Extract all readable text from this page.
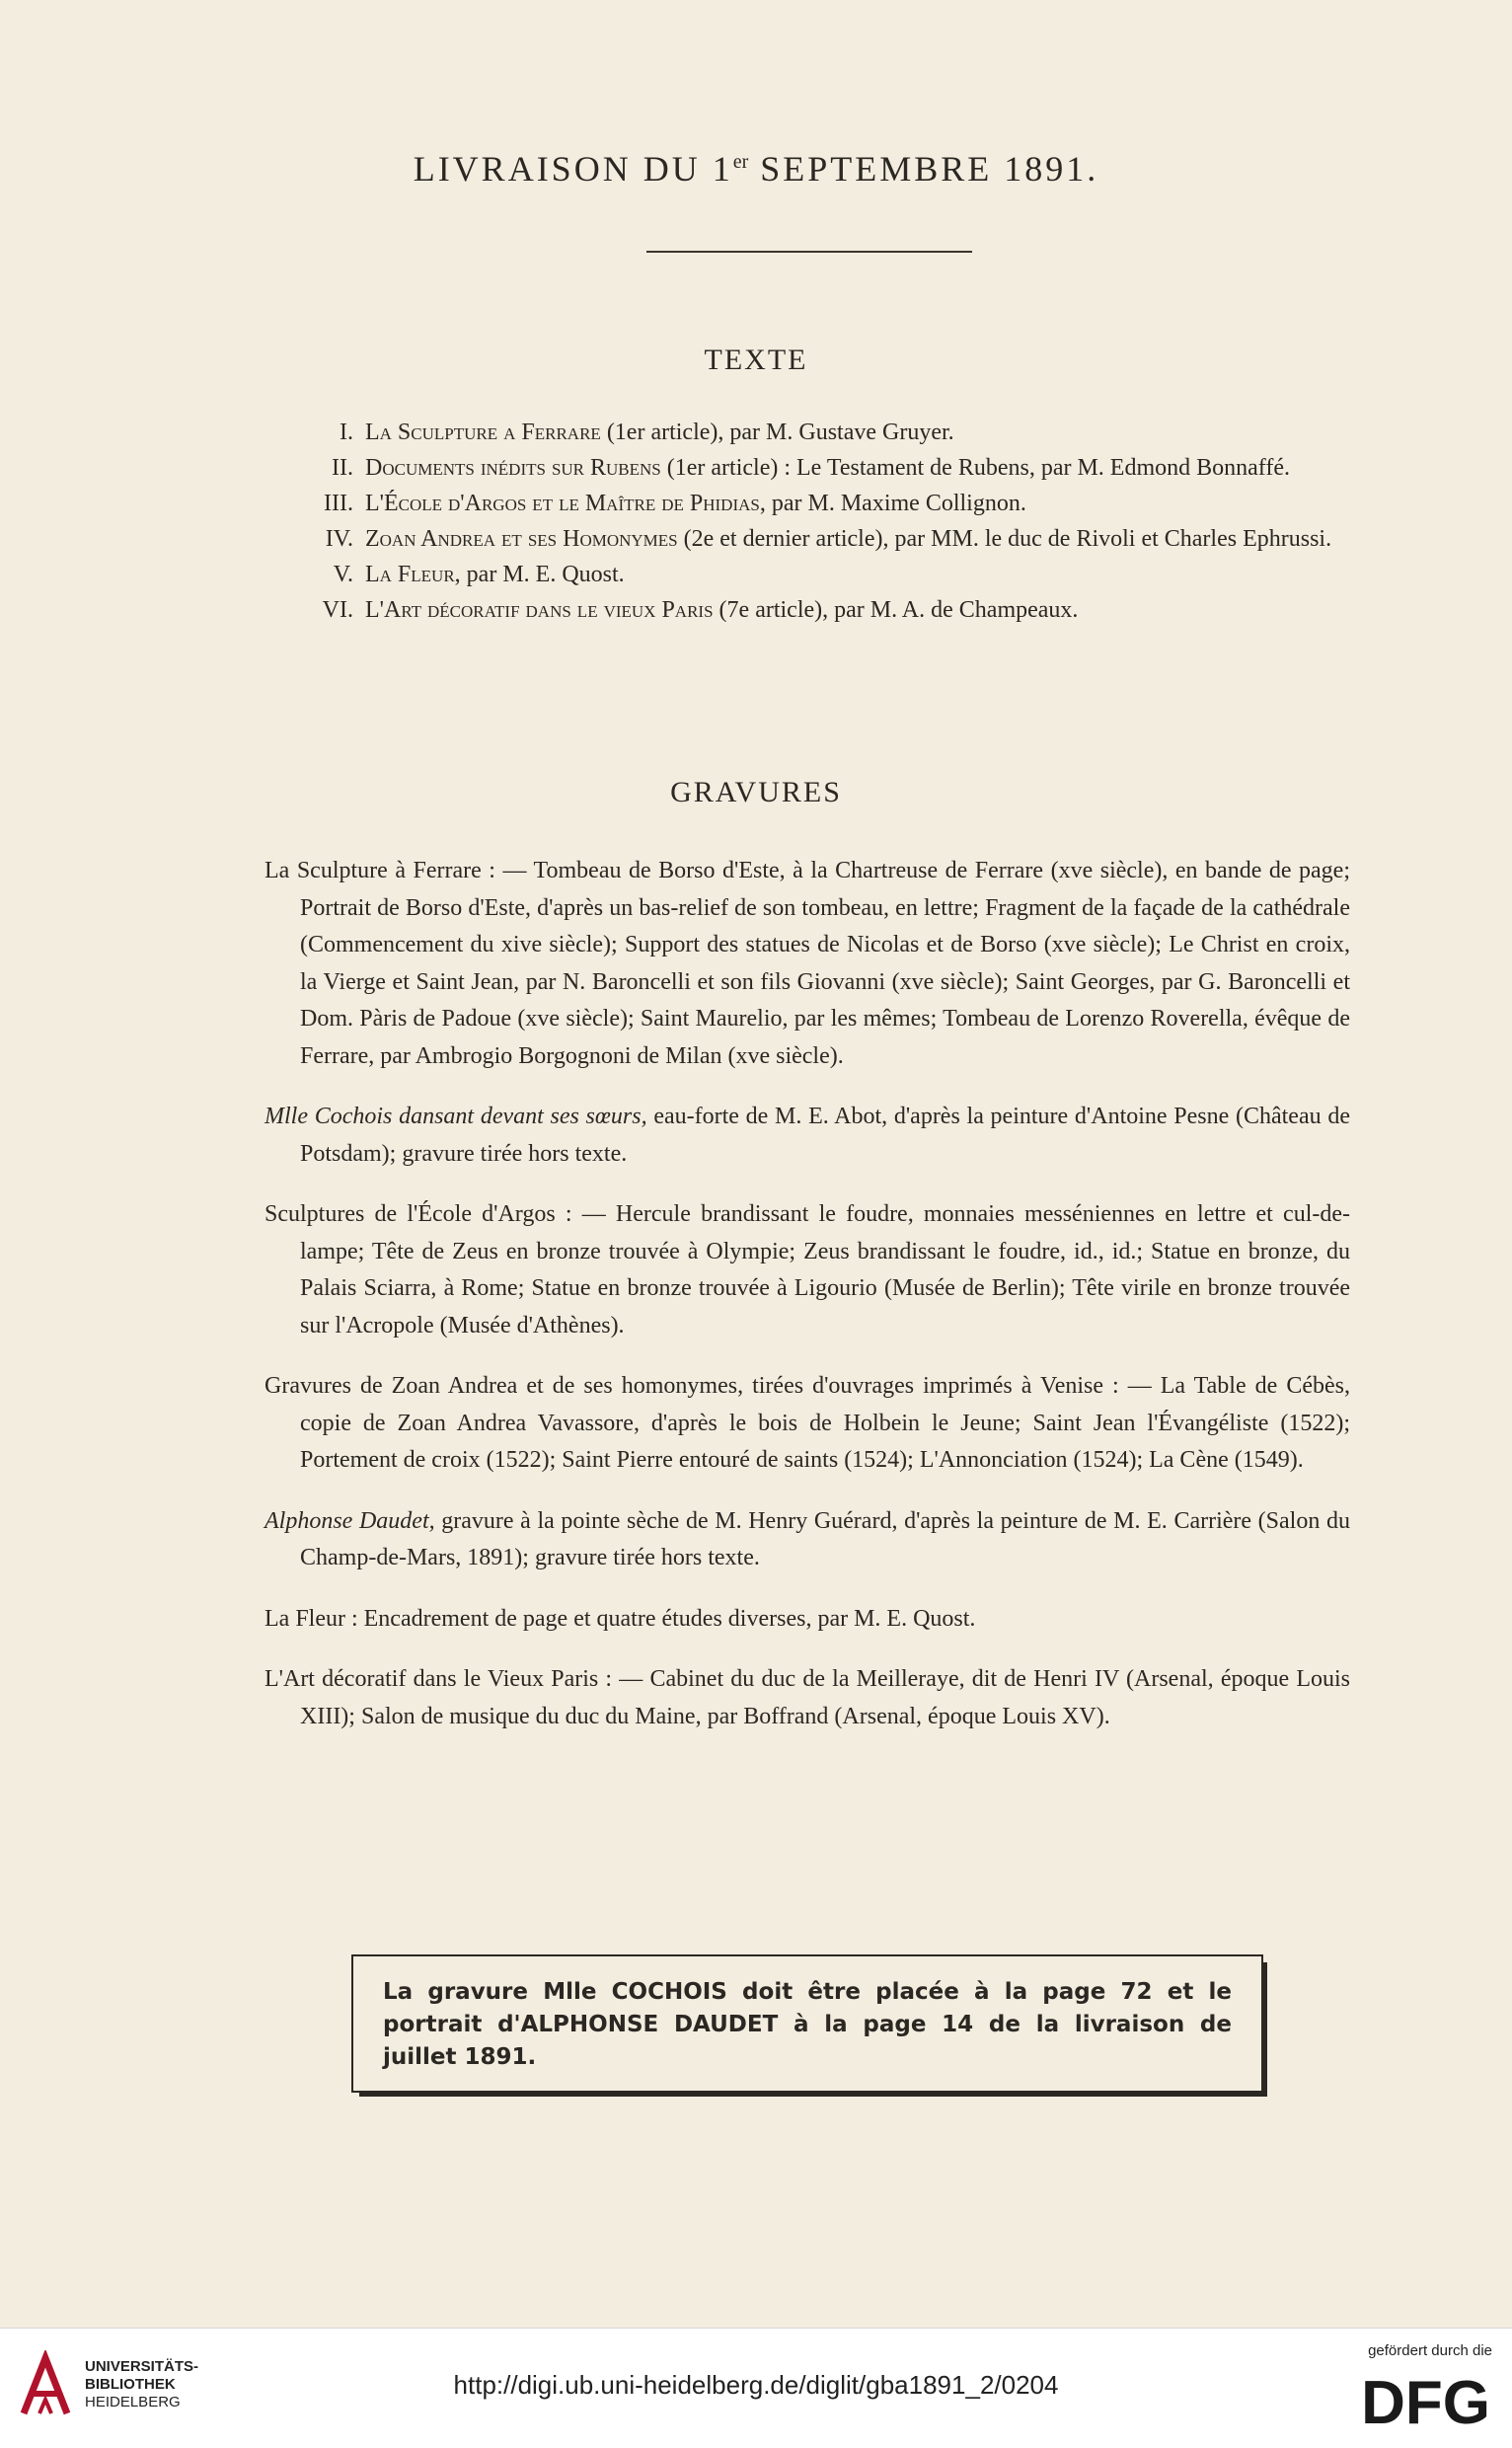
LIVRAISON DU 1er SEPTEMBRE 1891.
TEXTE
I. La Sculpture a Ferrare (1er article), par M. Gustave Gruyer.
II. Documents inédits sur Rubens (1er article) : Le Testament de Rubens, par M. Edmond Bonnaffé.
III. L'École d'Argos et le Maître de Phidias, par M. Maxime Collignon.
IV. Zoan Andrea et ses Homonymes (2e et dernier article), par MM. le duc de Rivoli et Charles Ephrussi.
V. La Fleur, par M. E. Quost.
VI. L'Art décoratif dans le vieux Paris (7e article), par M. A. de Champeaux.
GRAVURES

La Sculpture à Ferrare : — Tombeau de Borso d'Este, à la Chartreuse de Ferrare (xve siècle), en bande de page; Portrait de Borso d'Este, d'après un bas-relief de son tombeau, en lettre; Fragment de la façade de la cathédrale (Commencement du xive siècle); Support des statues de Nicolas et de Borso (xve siècle); Le Christ en croix, la Vierge et Saint Jean, par N. Baroncelli et son fils Giovanni (xve siècle); Saint Georges, par G. Baroncelli et Dom. Pàris de Padoue (xve siècle); Saint Maurelio, par les mêmes; Tombeau de Lorenzo Roverella, évêque de Ferrare, par Ambrogio Borgognoni de Milan (xve siècle).

Mlle Cochois dansant devant ses sœurs, eau-forte de M. E. Abot, d'après la peinture d'Antoine Pesne (Château de Potsdam); gravure tirée hors texte.

Sculptures de l'École d'Argos : — Hercule brandissant le foudre, monnaies messéniennes en lettre et cul-de-lampe; Tête de Zeus en bronze trouvée à Olympie; Zeus brandissant le foudre, id., id.; Statue en bronze, du Palais Sciarra, à Rome; Statue en bronze trouvée à Ligourio (Musée de Berlin); Tête virile en bronze trouvée sur l'Acropole (Musée d'Athènes).

Gravures de Zoan Andrea et de ses homonymes, tirées d'ouvrages imprimés à Venise : — La Table de Cébès, copie de Zoan Andrea Vavassore, d'après le bois de Holbein le Jeune; Saint Jean l'Évangéliste (1522); Portement de croix (1522); Saint Pierre entouré de saints (1524); L'Annonciation (1524); La Cène (1549).

Alphonse Daudet, gravure à la pointe sèche de M. Henry Guérard, d'après la peinture de M. E. Carrière (Salon du Champ-de-Mars, 1891); gravure tirée hors texte.

La Fleur : Encadrement de page et quatre études diverses, par M. E. Quost.

L'Art décoratif dans le Vieux Paris : — Cabinet du duc de la Meilleraye, dit de Henri IV (Arsenal, époque Louis XIII); Salon de musique du duc du Maine, par Boffrand (Arsenal, époque Louis XV).

La gravure Mlle COCHOIS doit être placée à la page 72 et le portrait d'ALPHONSE DAUDET à la page 14 de la livraison de juillet 1891.
UNIVERSITÄTS-
BIBLIOTHEK
HEIDELBERG
http://digi.ub.uni-heidelberg.de/diglit/gba1891_2/0204
gefördert durch die
DFG
